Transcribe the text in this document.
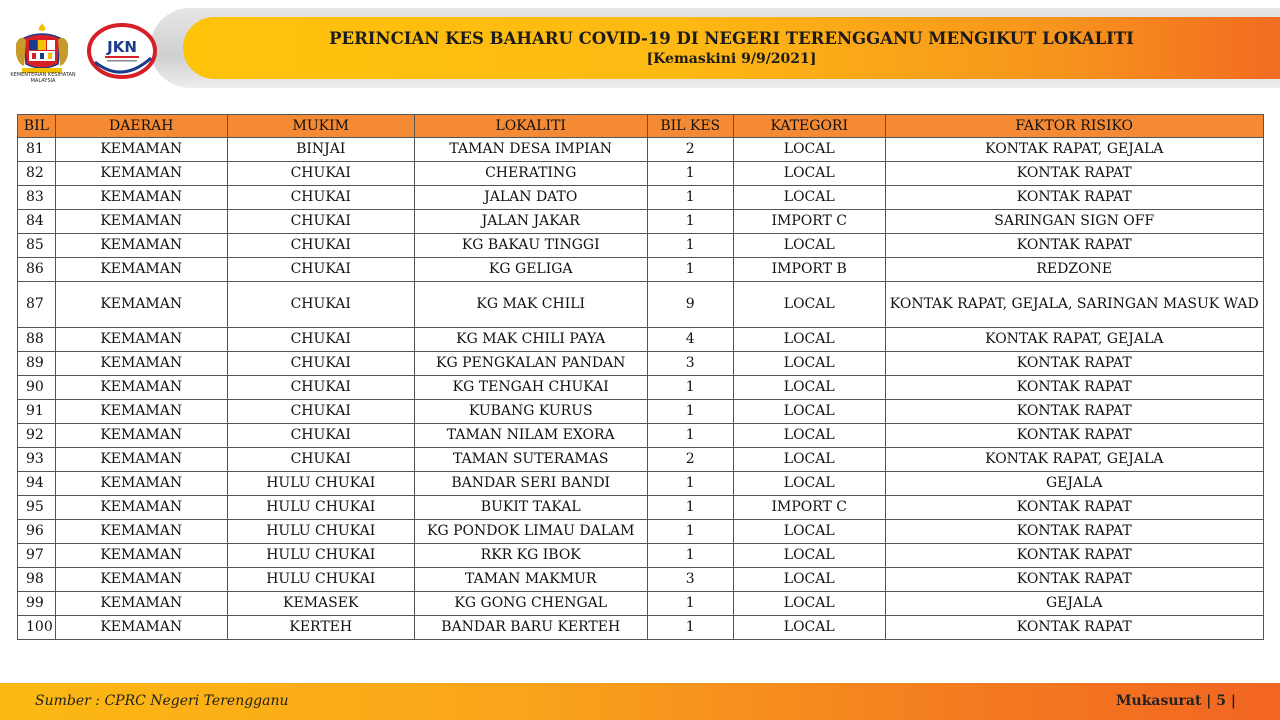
KEMENTERIAN KESIHATAN MALAYSIA
JKN	PERINCIAN KES BAHARU COVID-19 DI NEGERI TERENGGANU MENGIKUT LOKALITI
[Kemaskini 9/9/2021]
BIL	DAERAH	MUKIM	LOKALITI	BIL KES	KATEGORI	FAKTOR RISIKO
81	KEMAMAN	BINJAI	TAMAN DESA IMPIAN	2	LOCAL	KONTAK RAPAT, GEJALA
82	KEMAMAN	CHUKAI	CHERATING	1	LOCAL	KONTAK RAPAT
83	KEMAMAN	CHUKAI	JALAN DATO	1	LOCAL	KONTAK RAPAT
84	KEMAMAN	CHUKAI	JALAN JAKAR	1	IMPORT C	SARINGAN SIGN OFF
85	KEMAMAN	CHUKAI	KG BAKAU TINGGI	1	LOCAL	KONTAK RAPAT
86	KEMAMAN	CHUKAI	KG GELIGA	1	IMPORT B	REDZONE
87	KEMAMAN	CHUKAI	KG MAK CHILI	9	LOCAL	KONTAK RAPAT, GEJALA, SARINGAN MASUK WAD
88	KEMAMAN	CHUKAI	KG MAK CHILI PAYA	4	LOCAL	KONTAK RAPAT, GEJALA
89	KEMAMAN	CHUKAI	KG PENGKALAN PANDAN	3	LOCAL	KONTAK RAPAT
90	KEMAMAN	CHUKAI	KG TENGAH CHUKAI	1	LOCAL	KONTAK RAPAT
91	KEMAMAN	CHUKAI	KUBANG KURUS	1	LOCAL	KONTAK RAPAT
92	KEMAMAN	CHUKAI	TAMAN NILAM EXORA	1	LOCAL	KONTAK RAPAT
93	KEMAMAN	CHUKAI	TAMAN SUTERAMAS	2	LOCAL	KONTAK RAPAT, GEJALA
94	KEMAMAN	HULU CHUKAI	BANDAR SERI BANDI	1	LOCAL	GEJALA
95	KEMAMAN	HULU CHUKAI	BUKIT TAKAL	1	IMPORT C	KONTAK RAPAT
96	KEMAMAN	HULU CHUKAI	KG PONDOK LIMAU DALAM	1	LOCAL	KONTAK RAPAT
97	KEMAMAN	HULU CHUKAI	RKR KG IBOK	1	LOCAL	KONTAK RAPAT
98	KEMAMAN	HULU CHUKAI	TAMAN MAKMUR	3	LOCAL	KONTAK RAPAT
99	KEMAMAN	KEMASEK	KG GONG CHENGAL	1	LOCAL	GEJALA
100	KEMAMAN	KERTEH	BANDAR BARU KERTEH	1	LOCAL	KONTAK RAPAT
Sumber : CPRC Negeri Terengganu	Mukasurat | 5 |
